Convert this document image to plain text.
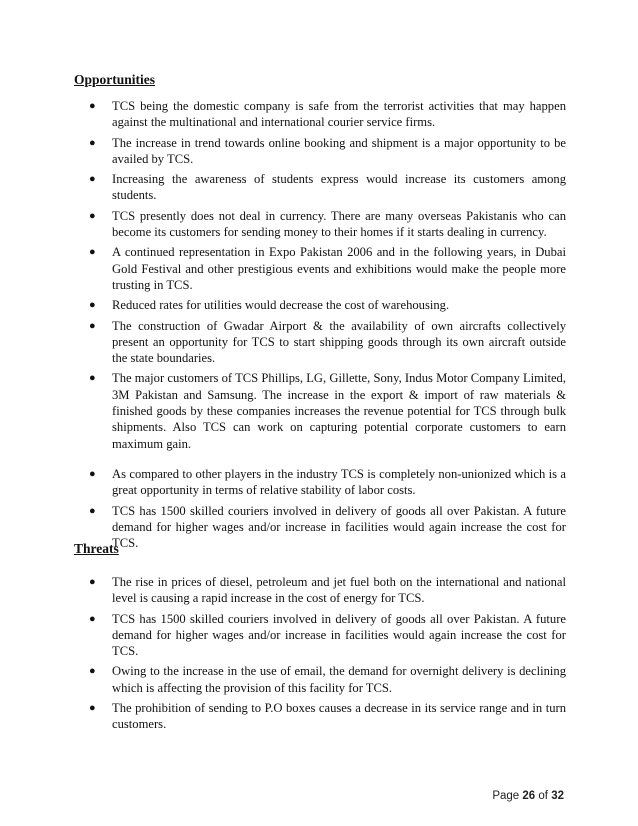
Opportunities
● TCS being the domestic company is safe from the terrorist activities that may happen against the multinational and international courier service firms.
● The increase in trend towards online booking and shipment is a major opportunity to be availed by TCS.
● Increasing the awareness of students express would increase its customers among students.
● TCS presently does not deal in currency. There are many overseas Pakistanis who can become its customers for sending money to their homes if it starts dealing in currency.
● A continued representation in Expo Pakistan 2006 and in the following years, in Dubai Gold Festival and other prestigious events and exhibitions would make the people more trusting in TCS.
● Reduced rates for utilities would decrease the cost of warehousing.
● The construction of Gwadar Airport & the availability of own aircrafts collectively present an opportunity for TCS to start shipping goods through its own aircraft outside the state boundaries.
● The major customers of TCS Phillips, LG, Gillette, Sony, Indus Motor Company Limited, 3M Pakistan and Samsung. The increase in the export & import of raw materials & finished goods by these companies increases the revenue potential for TCS through bulk shipments. Also TCS can work on capturing potential corporate customers to earn maximum gain.
● As compared to other players in the industry TCS is completely non-unionized which is a great opportunity in terms of relative stability of labor costs.
● TCS has 1500 skilled couriers involved in delivery of goods all over Pakistan. A future demand for higher wages and/or increase in facilities would again increase the cost for TCS.
Threats
● The rise in prices of diesel, petroleum and jet fuel both on the international and national level is causing a rapid increase in the cost of energy for TCS.
● TCS has 1500 skilled couriers involved in delivery of goods all over Pakistan. A future demand for higher wages and/or increase in facilities would again increase the cost for TCS.
● Owing to the increase in the use of email, the demand for overnight delivery is declining which is affecting the provision of this facility for TCS.
● The prohibition of sending to P.O boxes causes a decrease in its service range and in turn customers.
Page 26 of 32
